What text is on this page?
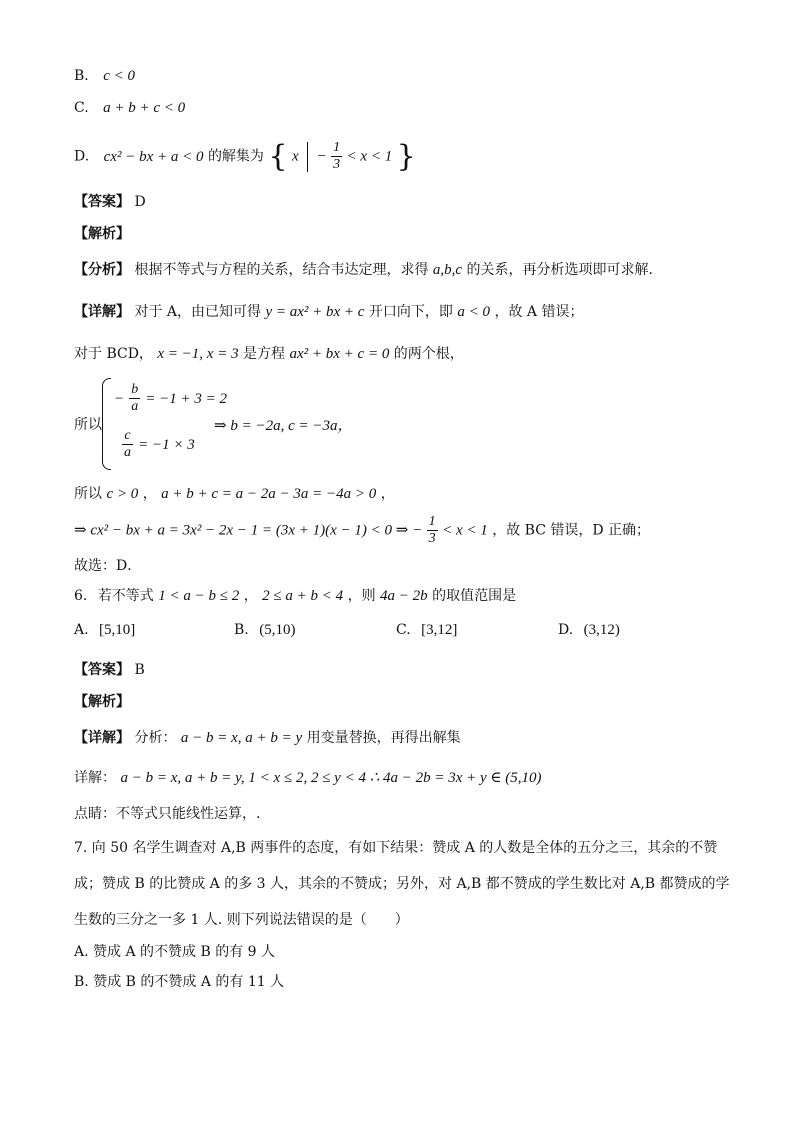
B. c < 0
C. a + b + c < 0
D. cx² − bx + a < 0 的解集为 { $x - \frac{1}{3} < x < 1$ }
【答案】 D
【解析】
【分析】 根据不等式与方程的关系，结合韦达定理，求得 a,b,c 的关系，再分析选项即可求解．
【详解】 对于 A，由已知可得 y = ax² + bx + c 开口向下，即 a < 0 ，故 A 错误；
对于 BCD， x = −1, x = 3 是方程 ax² + bx + c = 0 的两个根，
所以
− $\frac{b}{a} = -1 + 3 = 2$
$\frac{c}{a} = -1 \times 3$
⇒ b = −2a, c = −3a，
所以 c > 0 ， a + b + c = a − 2a − 3a = −4a > 0 ，
⇒ cx² − bx + a = 3x² − 2x − 1 = (3x + 1)(x − 1) < 0 ⇒ − $\frac{1}{3} < x < 1$ ，故 BC 错误，D 正确；
故选：D．
6. 若不等式 1 < a − b ≤ 2 ， 2 ≤ a + b < 4 ，则 4a − 2b 的取值范围是
A. [5,10]	B. (5,10)	C. [3,12]	D. (3,12)
【答案】 B
【解析】
【详解】 分析： a − b = x, a + b = y 用变量替换，再得出解集
详解： a − b = x, a + b = y, 1 < x ≤ 2, 2 ≤ y < 4 ∴ 4a − 2b = 3x + y ∈ (5,10)
点睛：不等式只能线性运算，.
7. 向 50 名学生调查对 A,B 两事件的态度，有如下结果：赞成 A 的人数是全体的五分之三，其余的不赞
成；赞成 B 的比赞成 A 的多 3 人，其余的不赞成；另外，对 A,B 都不赞成的学生数比对 A,B 都赞成的学
生数的三分之一多 1 人. 则下列说法错误的是（　　）
A. 赞成 A 的不赞成 B 的有 9 人
B. 赞成 B 的不赞成 A 的有 11 人
